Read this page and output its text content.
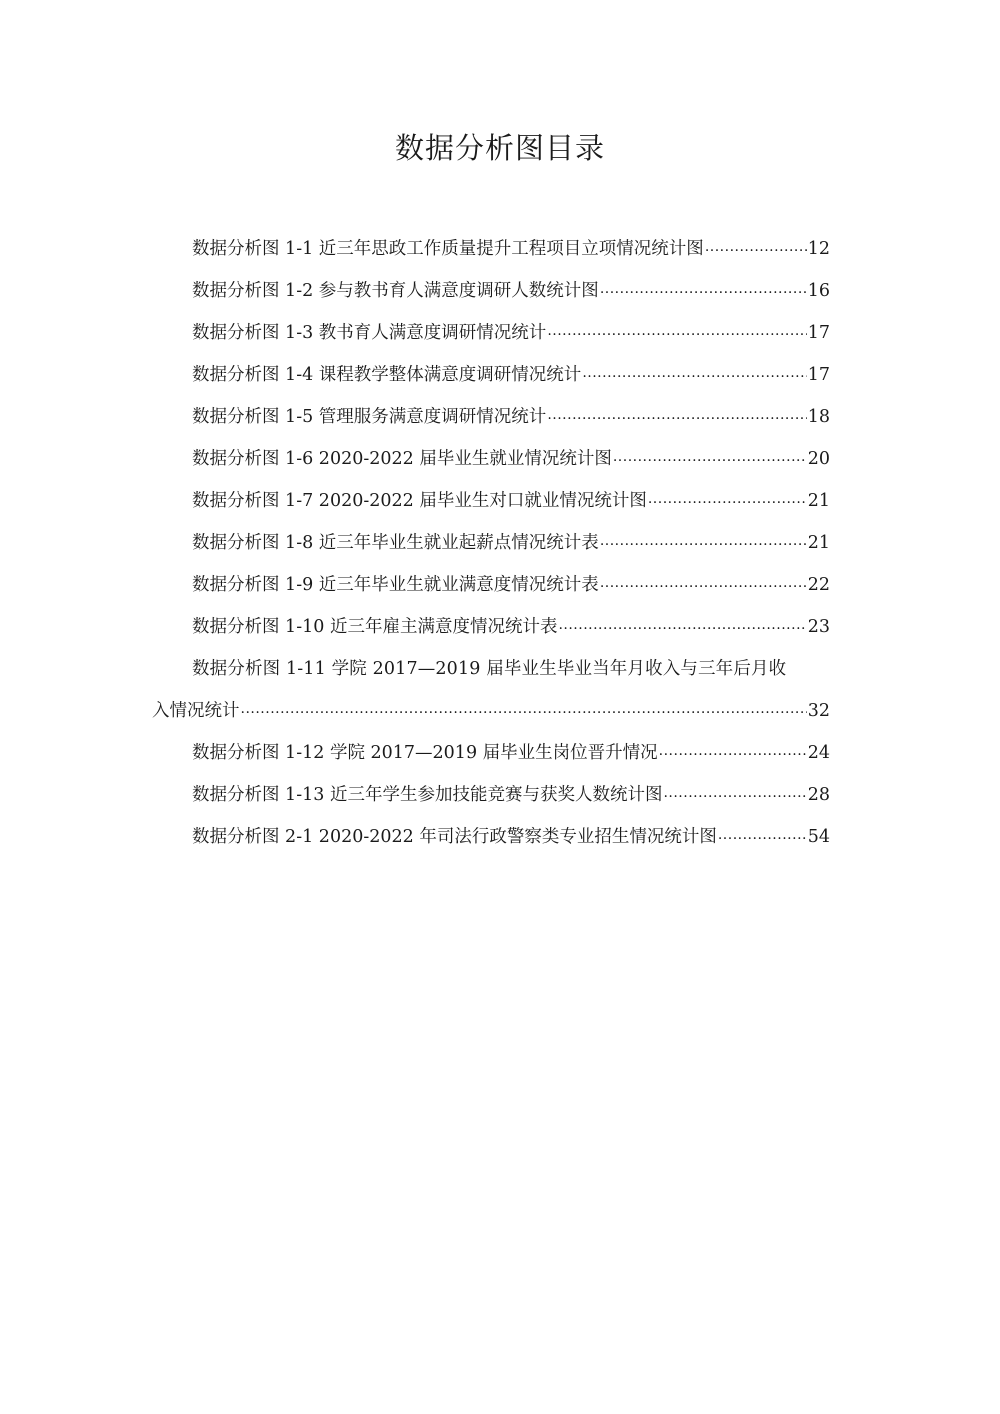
数据分析图目录
数据分析图 1-1 近三年思政工作质量提升工程项目立项情况统计图 .....	12
数据分析图 1-2 参与教书育人满意度调研人数统计图 .....	16
数据分析图 1-3 教书育人满意度调研情况统计 .....	17
数据分析图 1-4 课程教学整体满意度调研情况统计 .....	17
数据分析图 1-5 管理服务满意度调研情况统计 .....	18
数据分析图 1-6 2020-2022 届毕业生就业情况统计图 .....	20
数据分析图 1-7 2020-2022 届毕业生对口就业情况统计图 .....	21
数据分析图 1-8 近三年毕业生就业起薪点情况统计表 .....	21
数据分析图 1-9 近三年毕业生就业满意度情况统计表 .....	22
数据分析图 1-10 近三年雇主满意度情况统计表 .....	23
数据分析图 1-11 学院 2017—2019 届毕业生毕业当年月收入与三年后月收
入情况统计 .....	32
数据分析图 1-12 学院 2017—2019 届毕业生岗位晋升情况 .....	24
数据分析图 1-13 近三年学生参加技能竞赛与获奖人数统计图 .....	28
数据分析图 2-1 2020-2022 年司法行政警察类专业招生情况统计图 .....	54
